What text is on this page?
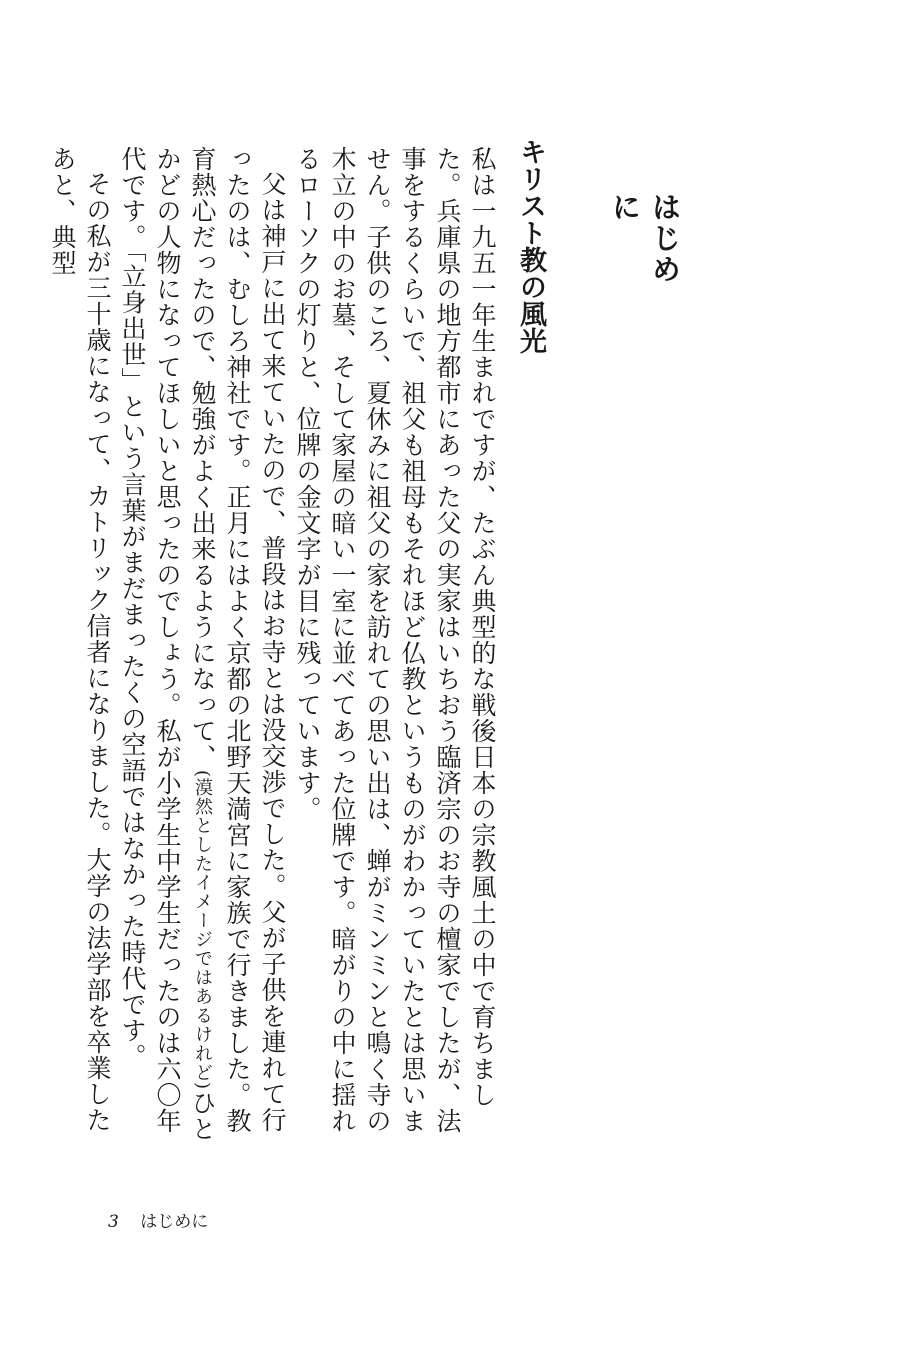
はじめに
キリスト教の風光

私は一九五一年生まれですが、たぶん典型的な戦後日本の宗教風土の中で育ちました。兵庫県の地方都市にあった父の実家はいちおう臨済宗のお寺の檀家でしたが、法事をするくらいで、祖父も祖母もそれほど仏教というものがわかっていたとは思いません。子供のころ、夏休みに祖父の家を訪れての思い出は、蝉がミンミンと鳴く寺の木立の中のお墓、そして家屋の暗い一室に並べてあった位牌です。暗がりの中に揺れるローソクの灯りと、位牌の金文字が目に残っています。

父は神戸に出て来ていたので、普段はお寺とは没交渉でした。父が子供を連れて行ったのは、むしろ神社です。正月にはよく京都の北野天満宮に家族で行きました。教育熱心だったので、勉強がよく出来るようになって、(漠然としたイメージではあるけれど)ひとかどの人物になってほしいと思ったのでしょう。私が小学生中学生だったのは六〇年代です。「立身出世」という言葉がまだまったくの空語ではなかった時代です。

その私が三十歳になって、カトリック信者になりました。大学の法学部を卒業したあと、典型

3 はじめに
